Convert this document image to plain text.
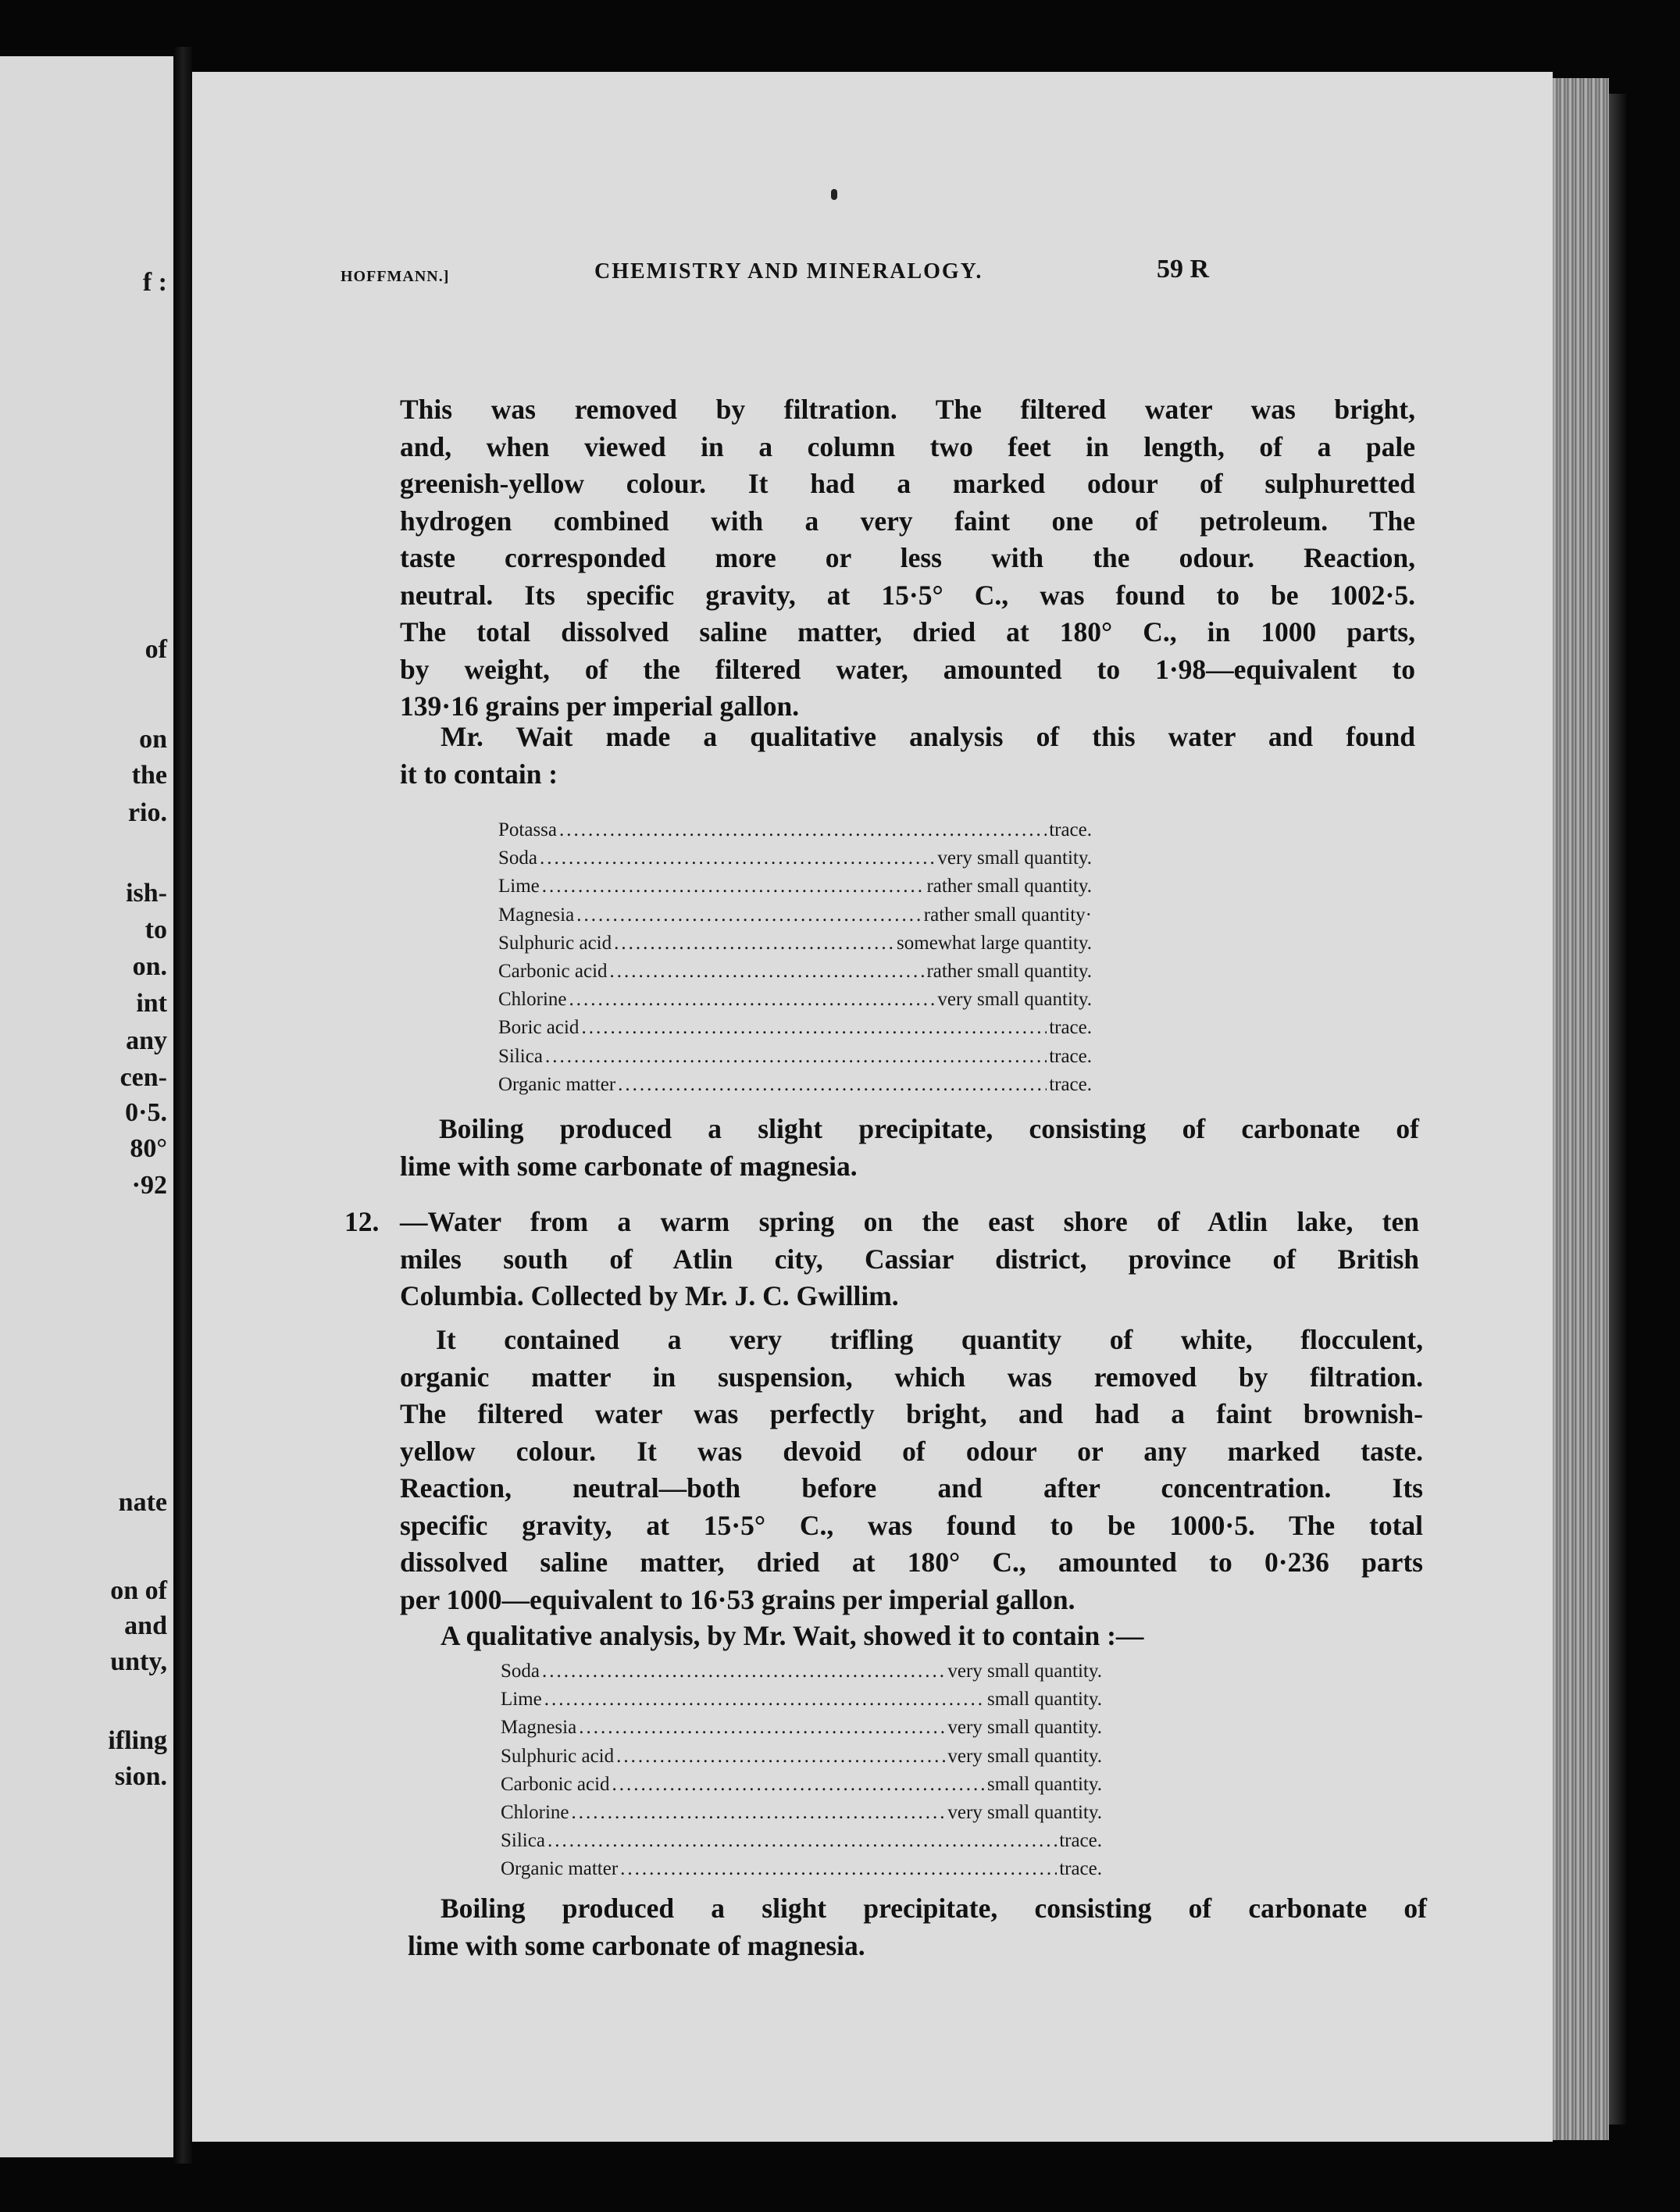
f :
of
on
the
rio.
ish-
to
on.
int
any
cen-
0·5.
80°
·92
nate
on of
and
unty,
ifling
sion.
HOFFMANN.]	CHEMISTRY AND MINERALOGY.	59 R
This was removed by filtration. The filtered water was bright,
and, when viewed in a column two feet in length, of a pale
greenish-yellow colour. It had a marked odour of sulphuretted
hydrogen combined with a very faint one of petroleum. The
taste corresponded more or less with the odour. Reaction,
neutral. Its specific gravity, at 15·5° C., was found to be 1002·5.
The total dissolved saline matter, dried at 180° C., in 1000 parts,
by weight, of the filtered water, amounted to 1·98—equivalent to
139·16 grains per imperial gallon.
Mr. Wait made a qualitative analysis of this water and found
it to contain :
Potassa .....	trace.
Soda .....	very small quantity.
Lime .....	rather small quantity.
Magnesia .....	rather small quantity·
Sulphuric acid .....	somewhat large quantity.
Carbonic acid .....	rather small quantity.
Chlorine .....	very small quantity.
Boric acid .....	trace.
Silica .....	trace.
Organic matter .....	trace.
Boiling produced a slight precipitate, consisting of carbonate of
lime with some carbonate of magnesia.
12. —Water from a warm spring on the east shore of Atlin lake, ten
miles south of Atlin city, Cassiar district, province of British
Columbia. Collected by Mr. J. C. Gwillim.
It contained a very trifling quantity of white, flocculent,
organic matter in suspension, which was removed by filtration.
The filtered water was perfectly bright, and had a faint brownish-
yellow colour. It was devoid of odour or any marked taste.
Reaction, neutral—both before and after concentration. Its
specific gravity, at 15·5° C., was found to be 1000·5. The total
dissolved saline matter, dried at 180° C., amounted to 0·236 parts
per 1000—equivalent to 16·53 grains per imperial gallon.
A qualitative analysis, by Mr. Wait, showed it to contain :—
Soda .....	very small quantity.
Lime .....	small quantity.
Magnesia .....	very small quantity.
Sulphuric acid .....	very small quantity.
Carbonic acid .....	small quantity.
Chlorine .....	very small quantity.
Silica .....	trace.
Organic matter .....	trace.
Boiling produced a slight precipitate, consisting of carbonate of
lime with some carbonate of magnesia.
